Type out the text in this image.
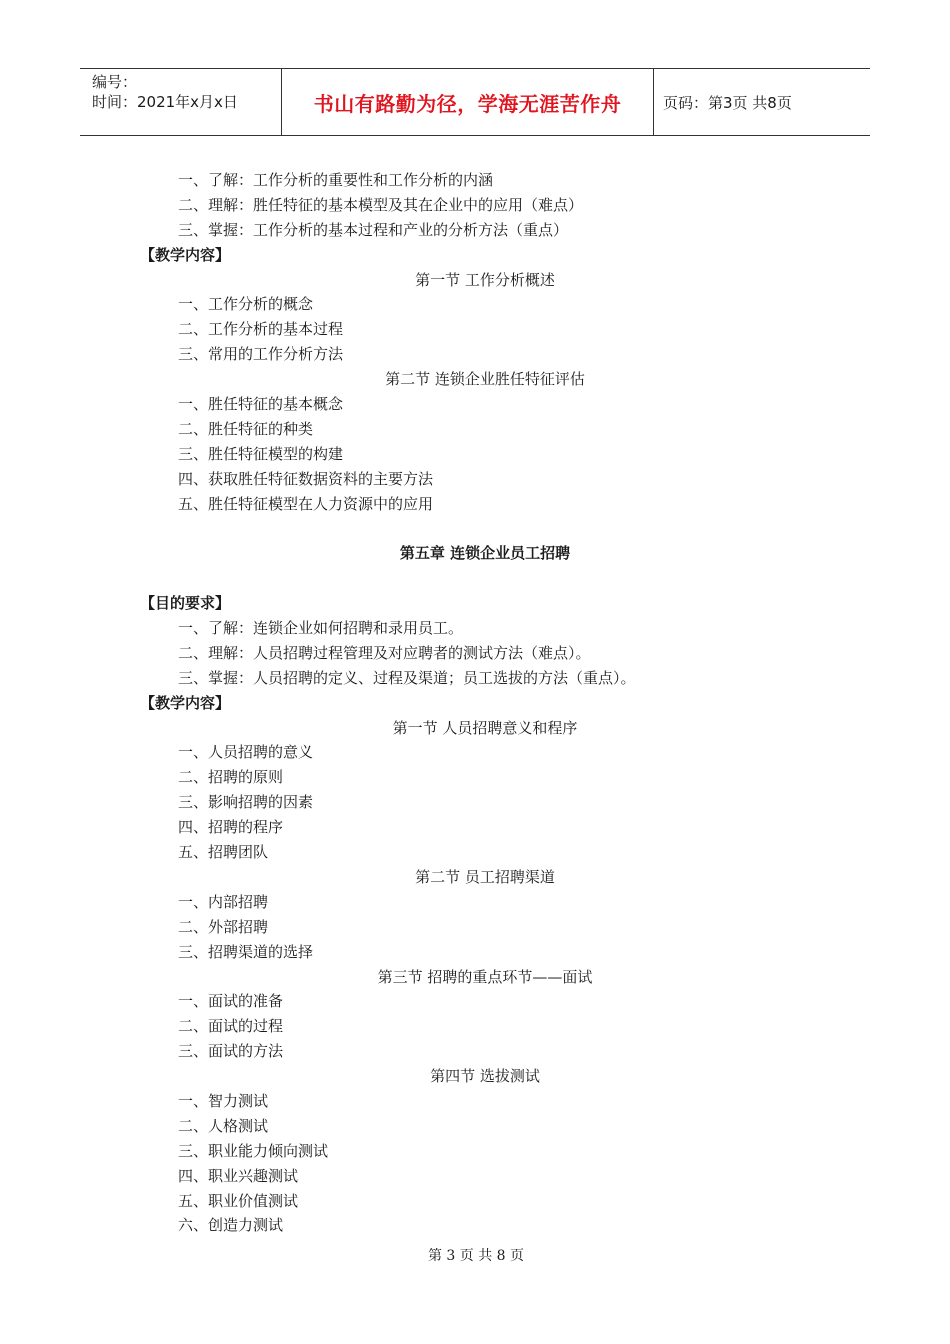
编号：
时间：2021年x月x日	书山有路勤为径，学海无涯苦作舟	页码：第3页 共8页
一、了解：工作分析的重要性和工作分析的内涵
二、理解：胜任特征的基本模型及其在企业中的应用（难点）
三、掌握：工作分析的基本过程和产业的分析方法（重点）
【教学内容】
第一节 工作分析概述
一、工作分析的概念
二、工作分析的基本过程
三、常用的工作分析方法
第二节 连锁企业胜任特征评估
一、胜任特征的基本概念
二、胜任特征的种类
三、胜任特征模型的构建
四、获取胜任特征数据资料的主要方法
五、胜任特征模型在人力资源中的应用
第五章 连锁企业员工招聘
【目的要求】
一、了解：连锁企业如何招聘和录用员工。
二、理解：人员招聘过程管理及对应聘者的测试方法（难点）。
三、掌握：人员招聘的定义、过程及渠道；员工选拔的方法（重点）。
【教学内容】
第一节 人员招聘意义和程序
一、人员招聘的意义
二、招聘的原则
三、影响招聘的因素
四、招聘的程序
五、招聘团队
第二节 员工招聘渠道
一、内部招聘
二、外部招聘
三、招聘渠道的选择
第三节 招聘的重点环节——面试
一、面试的准备
二、面试的过程
三、面试的方法
第四节 选拔测试
一、智力测试
二、人格测试
三、职业能力倾向测试
四、职业兴趣测试
五、职业价值测试
六、创造力测试
第 3 页 共 8 页
